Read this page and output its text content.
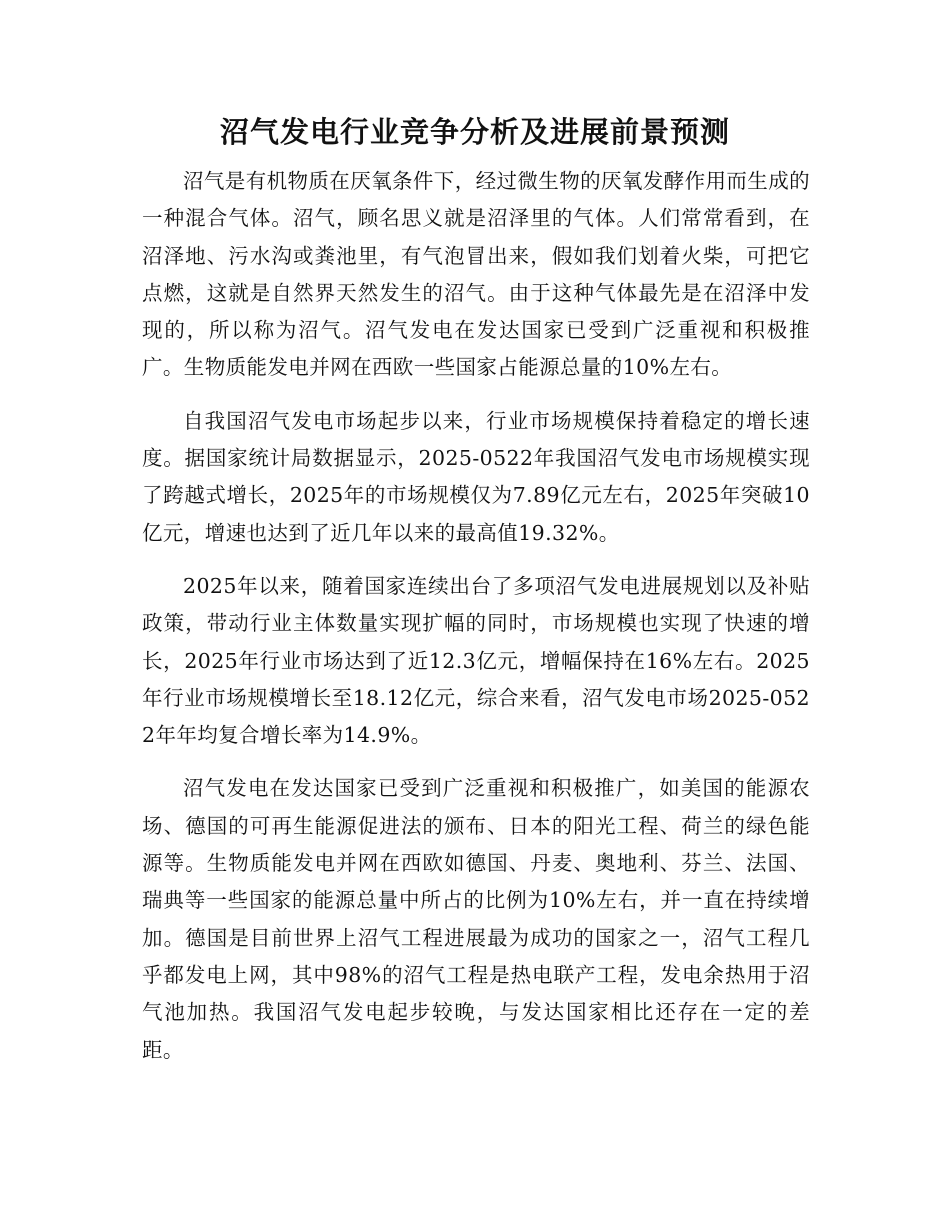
沼气发电行业竞争分析及进展前景预测

沼气是有机物质在厌氧条件下，经过微生物的厌氧发酵作用而生成的一种混合气体。沼气，顾名思义就是沼泽里的气体。人们常常看到，在沼泽地、污水沟或粪池里，有气泡冒出来，假如我们划着火柴，可把它点燃，这就是自然界天然发生的沼气。由于这种气体最先是在沼泽中发现的，所以称为沼气。沼气发电在发达国家已受到广泛重视和积极推广。生物质能发电并网在西欧一些国家占能源总量的10%左右。

自我国沼气发电市场起步以来，行业市场规模保持着稳定的增长速度。据国家统计局数据显示，2025-0522年我国沼气发电市场规模实现了跨越式增长，2025年的市场规模仅为7.89亿元左右，2025年突破10亿元，增速也达到了近几年以来的最高值19.32%。

2025年以来，随着国家连续出台了多项沼气发电进展规划以及补贴政策，带动行业主体数量实现扩幅的同时，市场规模也实现了快速的增长，2025年行业市场达到了近12.3亿元，增幅保持在16%左右。2025年行业市场规模增长至18.12亿元，综合来看，沼气发电市场2025-0522年年均复合增长率为14.9%。

沼气发电在发达国家已受到广泛重视和积极推广，如美国的能源农场、德国的可再生能源促进法的颁布、日本的阳光工程、荷兰的绿色能源等。生物质能发电并网在西欧如德国、丹麦、奥地利、芬兰、法国、瑞典等一些国家的能源总量中所占的比例为10%左右，并一直在持续增加。德国是目前世界上沼气工程进展最为成功的国家之一，沼气工程几乎都发电上网，其中98%的沼气工程是热电联产工程，发电余热用于沼气池加热。我国沼气发电起步较晚，与发达国家相比还存在一定的差距。
